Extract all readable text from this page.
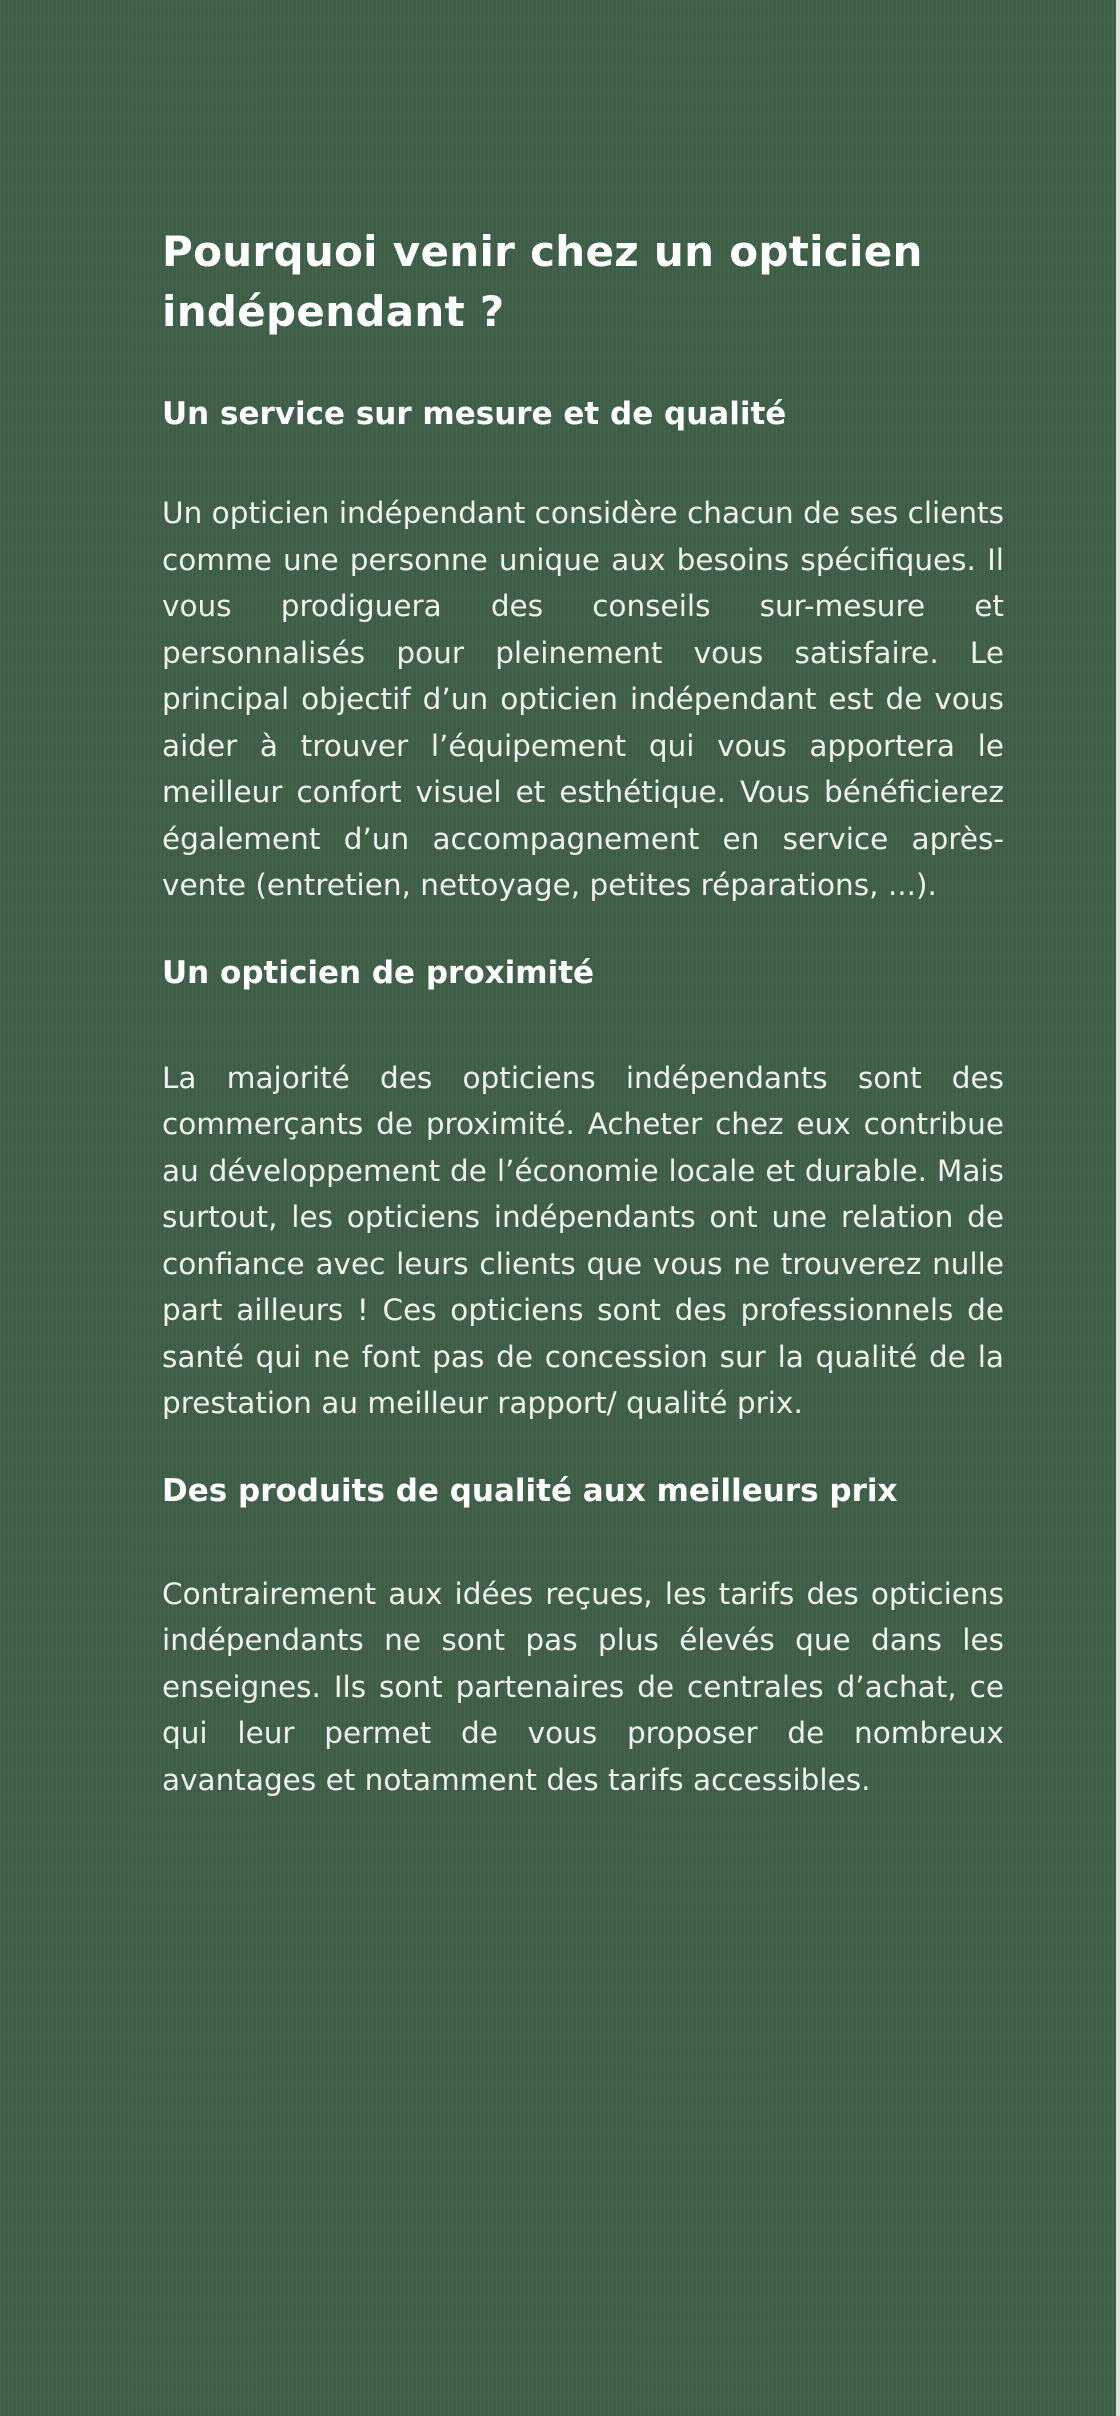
Pourquoi venir chez un opticien indépendant ?
Un service sur mesure et de qualité

Un opticien indépendant considère chacun de ses clients comme une personne unique aux besoins spécifiques. Il vous prodiguera des conseils sur-mesure et personnalisés pour pleinement vous satisfaire. Le principal objectif d’un opticien indépendant est de vous aider à trouver l’équipement qui vous apportera le meilleur confort visuel et esthétique. Vous bénéficierez également d’un accompagnement en service après-vente (entretien, nettoyage, petites réparations, ...).

Un opticien de proximité

La majorité des opticiens indépendants sont des commerçants de proximité. Acheter chez eux contribue au développement de l’économie locale et durable. Mais surtout, les opticiens indépendants ont une relation de confiance avec leurs clients que vous ne trouverez nulle part ailleurs ! Ces opticiens sont des professionnels de santé qui ne font pas de concession sur la qualité de la prestation au meilleur rapport/ qualité prix.

Des produits de qualité aux meilleurs prix

Contrairement aux idées reçues, les tarifs des opticiens indépendants ne sont pas plus élevés que dans les enseignes. Ils sont partenaires de centrales d’achat, ce qui leur permet de vous proposer de nombreux avantages et notamment des tarifs accessibles.
